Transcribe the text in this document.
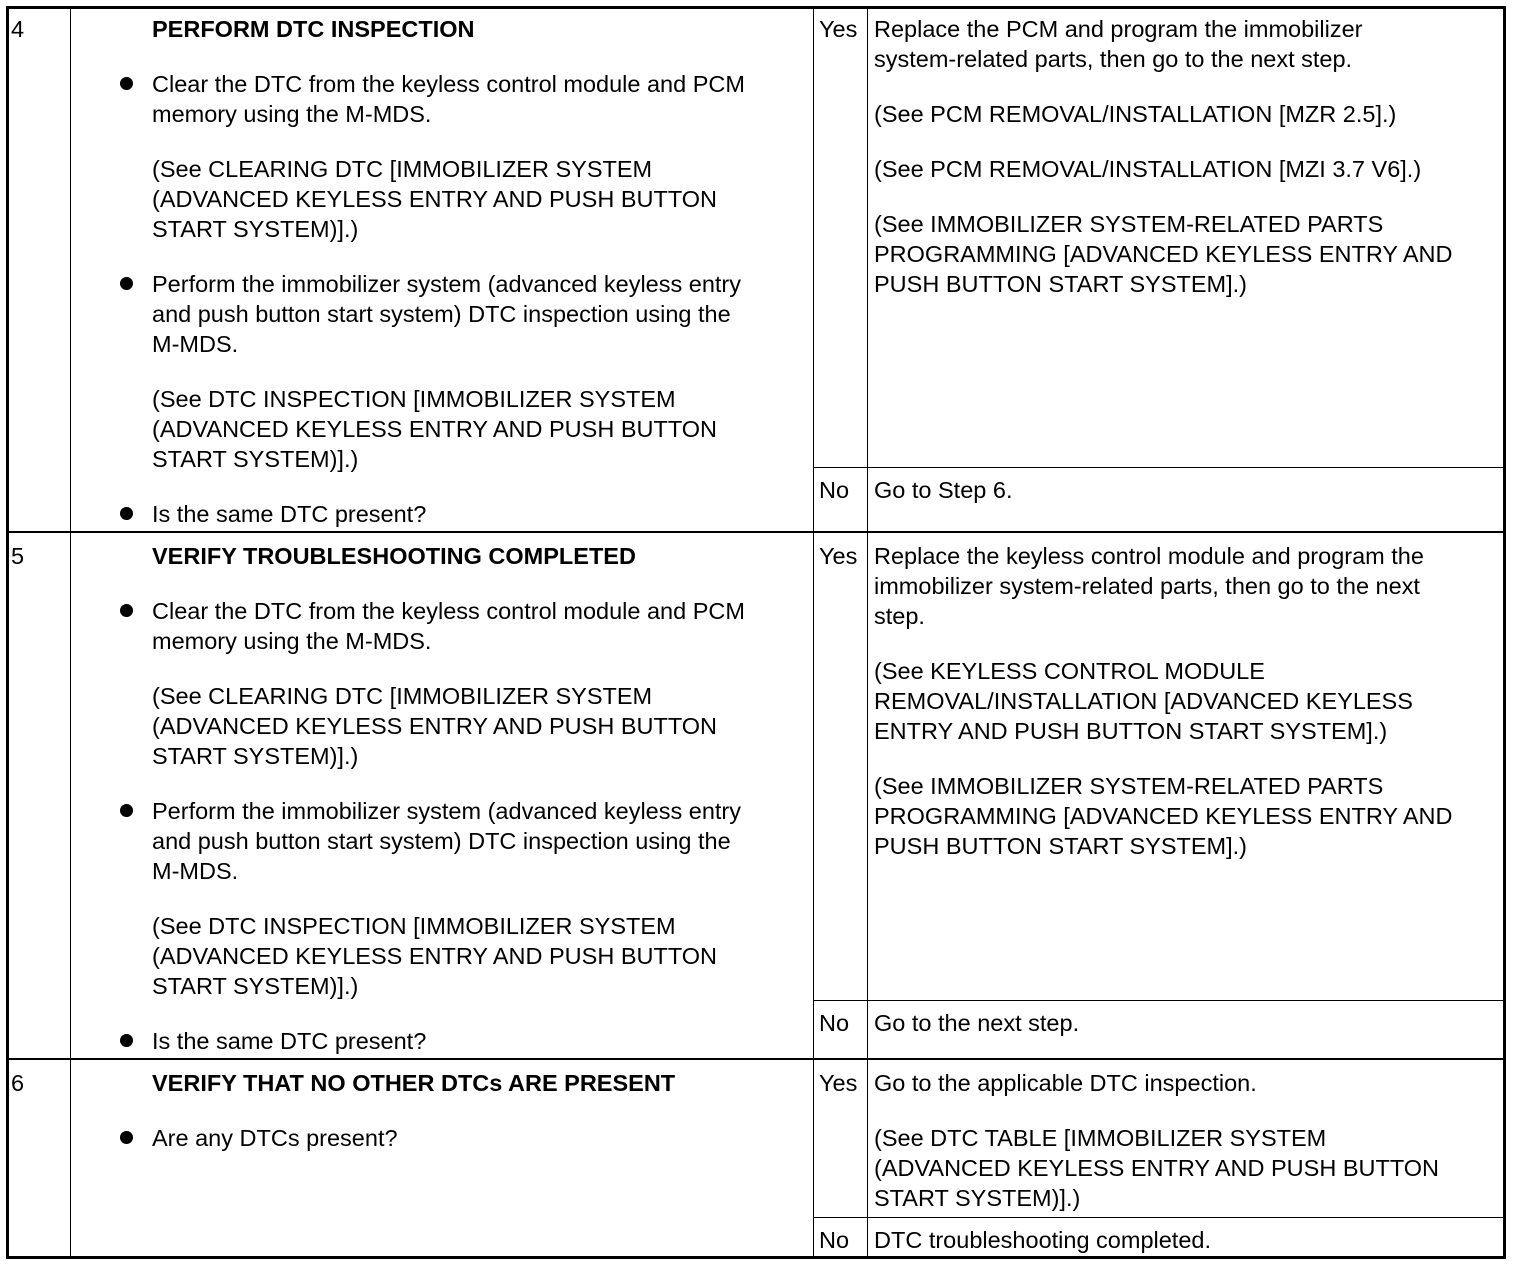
4	PERFORM DTC INSPECTION

Clear the DTC from the keyless control module and PCM
memory using the M-MDS.

(See CLEARING DTC [IMMOBILIZER SYSTEM
(ADVANCED KEYLESS ENTRY AND PUSH BUTTON
START SYSTEM)].)

Perform the immobilizer system (advanced keyless entry
and push button start system) DTC inspection using the
M-MDS.

(See DTC INSPECTION [IMMOBILIZER SYSTEM
(ADVANCED KEYLESS ENTRY AND PUSH BUTTON
START SYSTEM)].)

Is the same DTC present?

Yes Replace the PCM and program the immobilizer
system-related parts, then go to the next step.

(See PCM REMOVAL/INSTALLATION [MZR 2.5].)

(See PCM REMOVAL/INSTALLATION [MZI 3.7 V6].)

(See IMMOBILIZER SYSTEM-RELATED PARTS
PROGRAMMING [ADVANCED KEYLESS ENTRY AND
PUSH BUTTON START SYSTEM].)

No Go to Step 6.
5	VERIFY TROUBLESHOOTING COMPLETED

Clear the DTC from the keyless control module and PCM
memory using the M-MDS.

(See CLEARING DTC [IMMOBILIZER SYSTEM
(ADVANCED KEYLESS ENTRY AND PUSH BUTTON
START SYSTEM)].)

Perform the immobilizer system (advanced keyless entry
and push button start system) DTC inspection using the
M-MDS.

(See DTC INSPECTION [IMMOBILIZER SYSTEM
(ADVANCED KEYLESS ENTRY AND PUSH BUTTON
START SYSTEM)].)

Is the same DTC present?

Yes Replace the keyless control module and program the
immobilizer system-related parts, then go to the next
step.

(See KEYLESS CONTROL MODULE
REMOVAL/INSTALLATION [ADVANCED KEYLESS
ENTRY AND PUSH BUTTON START SYSTEM].)

(See IMMOBILIZER SYSTEM-RELATED PARTS
PROGRAMMING [ADVANCED KEYLESS ENTRY AND
PUSH BUTTON START SYSTEM].)

No Go to the next step.
6	VERIFY THAT NO OTHER DTCs ARE PRESENT

Are any DTCs present?

Yes Go to the applicable DTC inspection.

(See DTC TABLE [IMMOBILIZER SYSTEM
(ADVANCED KEYLESS ENTRY AND PUSH BUTTON
START SYSTEM)].)

No DTC troubleshooting completed.
